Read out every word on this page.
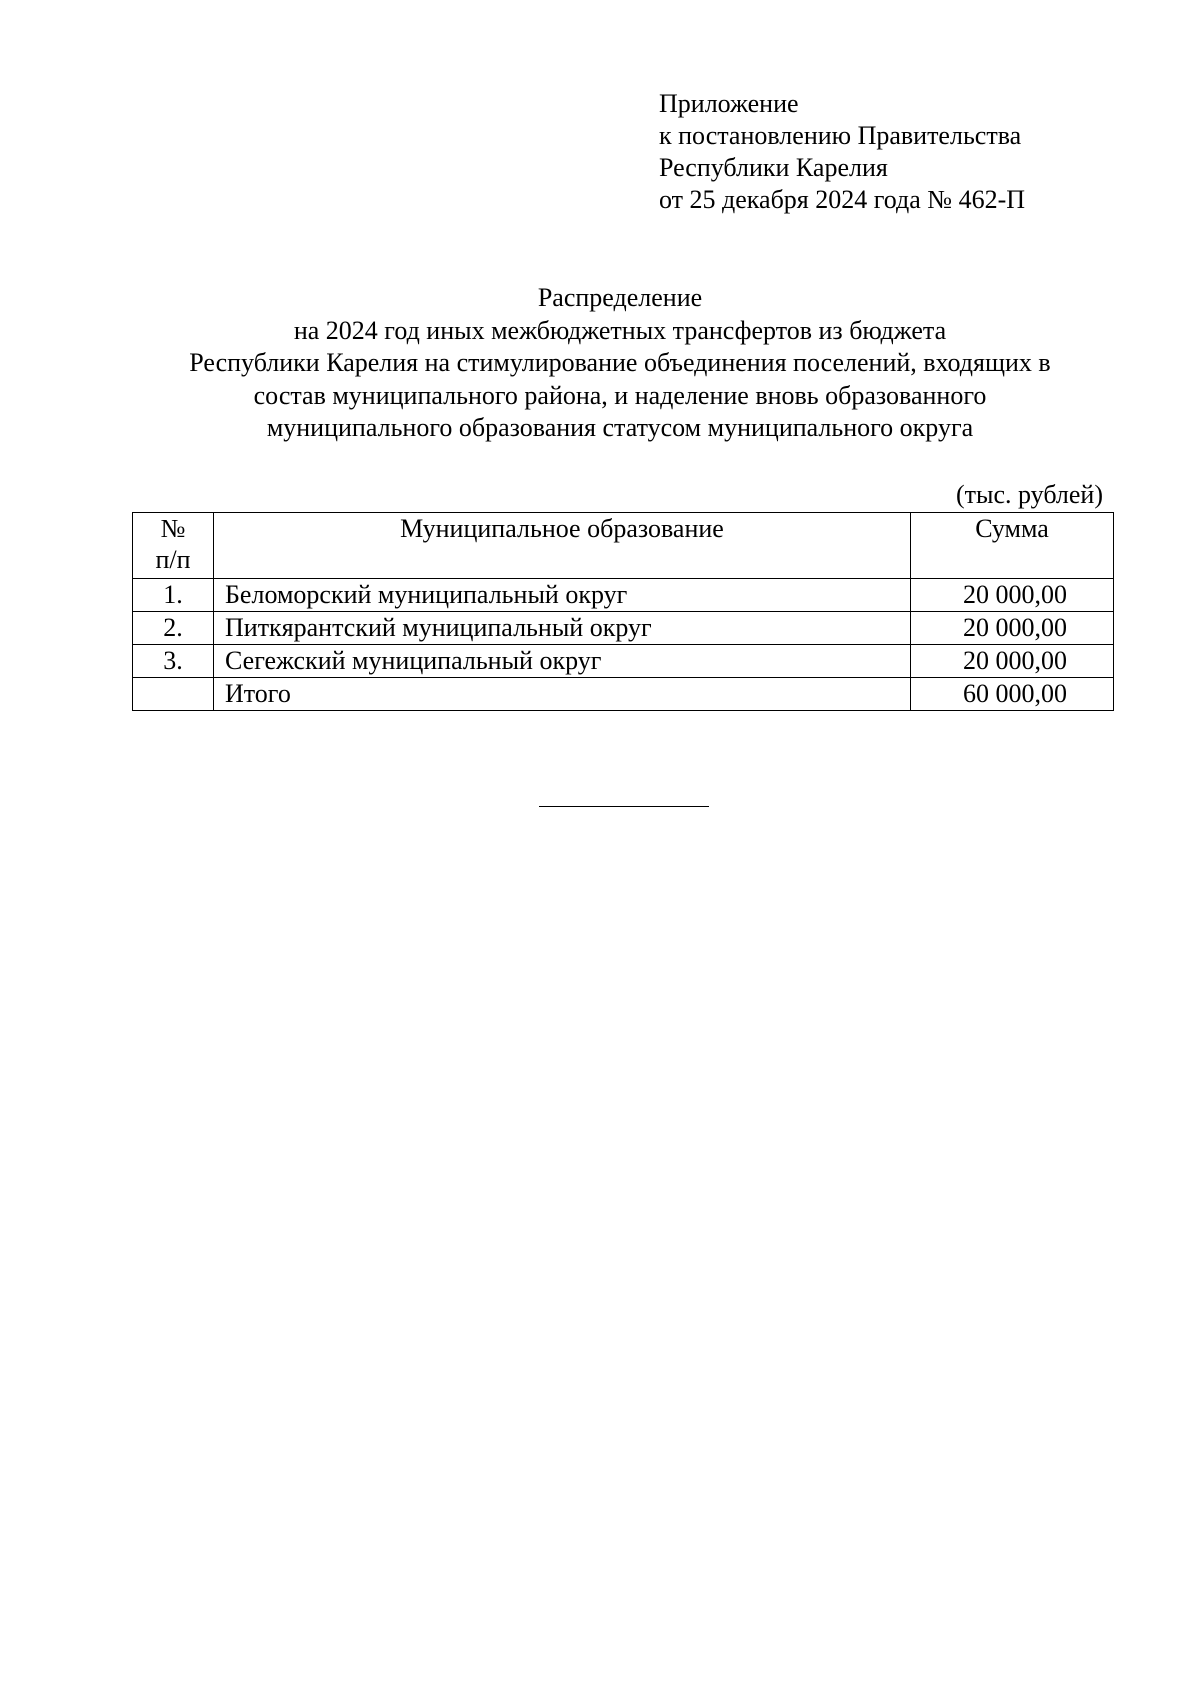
Приложение
к постановлению Правительства
Республики Карелия
от 25 декабря 2024 года № 462-П
Распределение
на 2024 год иных межбюджетных трансфертов из бюджета
Республики Карелия на стимулирование объединения поселений, входящих в
состав муниципального района, и наделение вновь образованного
муниципального образования статусом муниципального округа
(тыс. рублей)
№
п/п	Муниципальное образование	Сумма
1.	Беломорский муниципальный округ	20 000,00
2.	Питкярантский муниципальный округ	20 000,00
3.	Сегежский муниципальный округ	20 000,00
	Итого	60 000,00
